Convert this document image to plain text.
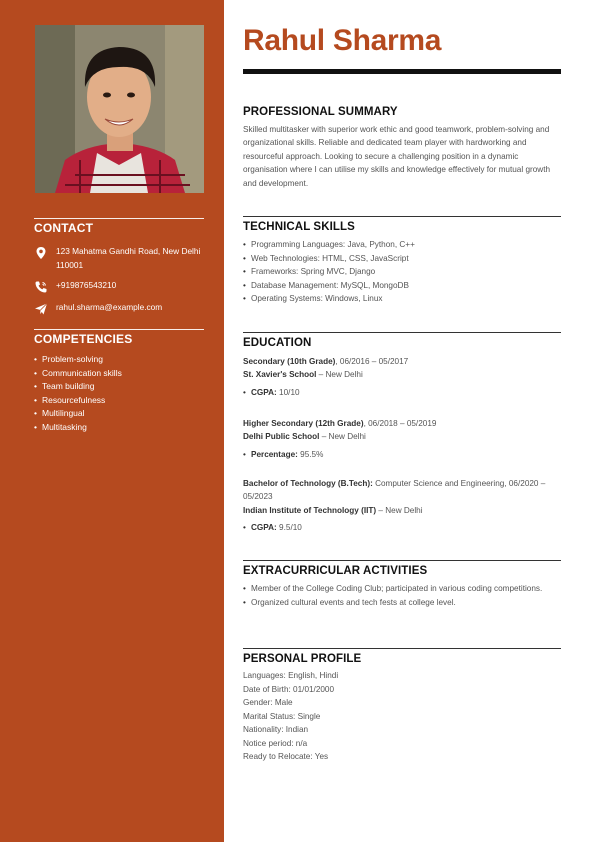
CONTACT
123 Mahatma Gandhi Road, New Delhi 110001
+919876543210
rahul.sharma@example.com
COMPETENCIES
• Problem-solving
• Communication skills
• Team building
• Resourcefulness
• Multilingual
• Multitasking
Rahul Sharma
PROFESSIONAL SUMMARY
Skilled multitasker with superior work ethic and good teamwork, problem-solving and organizational skills. Reliable and dedicated team player with hardworking and resourceful approach. Looking to secure a challenging position in a dynamic organisation where I can utilise my skills and knowledge effectively for mutual growth and development.
TECHNICAL SKILLS
• Programming Languages: Java, Python, C++
• Web Technologies: HTML, CSS, JavaScript
• Frameworks: Spring MVC, Django
• Database Management: MySQL, MongoDB
• Operating Systems: Windows, Linux
EDUCATION
Secondary (10th Grade), 06/2016 – 05/2017
St. Xavier's School – New Delhi
• CGPA: 10/10
Higher Secondary (12th Grade), 06/2018 – 05/2019
Delhi Public School – New Delhi
• Percentage: 95.5%
Bachelor of Technology (B.Tech): Computer Science and Engineering, 06/2020 – 05/2023
Indian Institute of Technology (IIT) – New Delhi
• CGPA: 9.5/10
EXTRACURRICULAR ACTIVITIES
• Member of the College Coding Club; participated in various coding competitions.
• Organized cultural events and tech fests at college level.
PERSONAL PROFILE
Languages: English, Hindi
Date of Birth: 01/01/2000
Gender: Male
Marital Status: Single
Nationality: Indian
Notice period: n/a
Ready to Relocate: Yes
